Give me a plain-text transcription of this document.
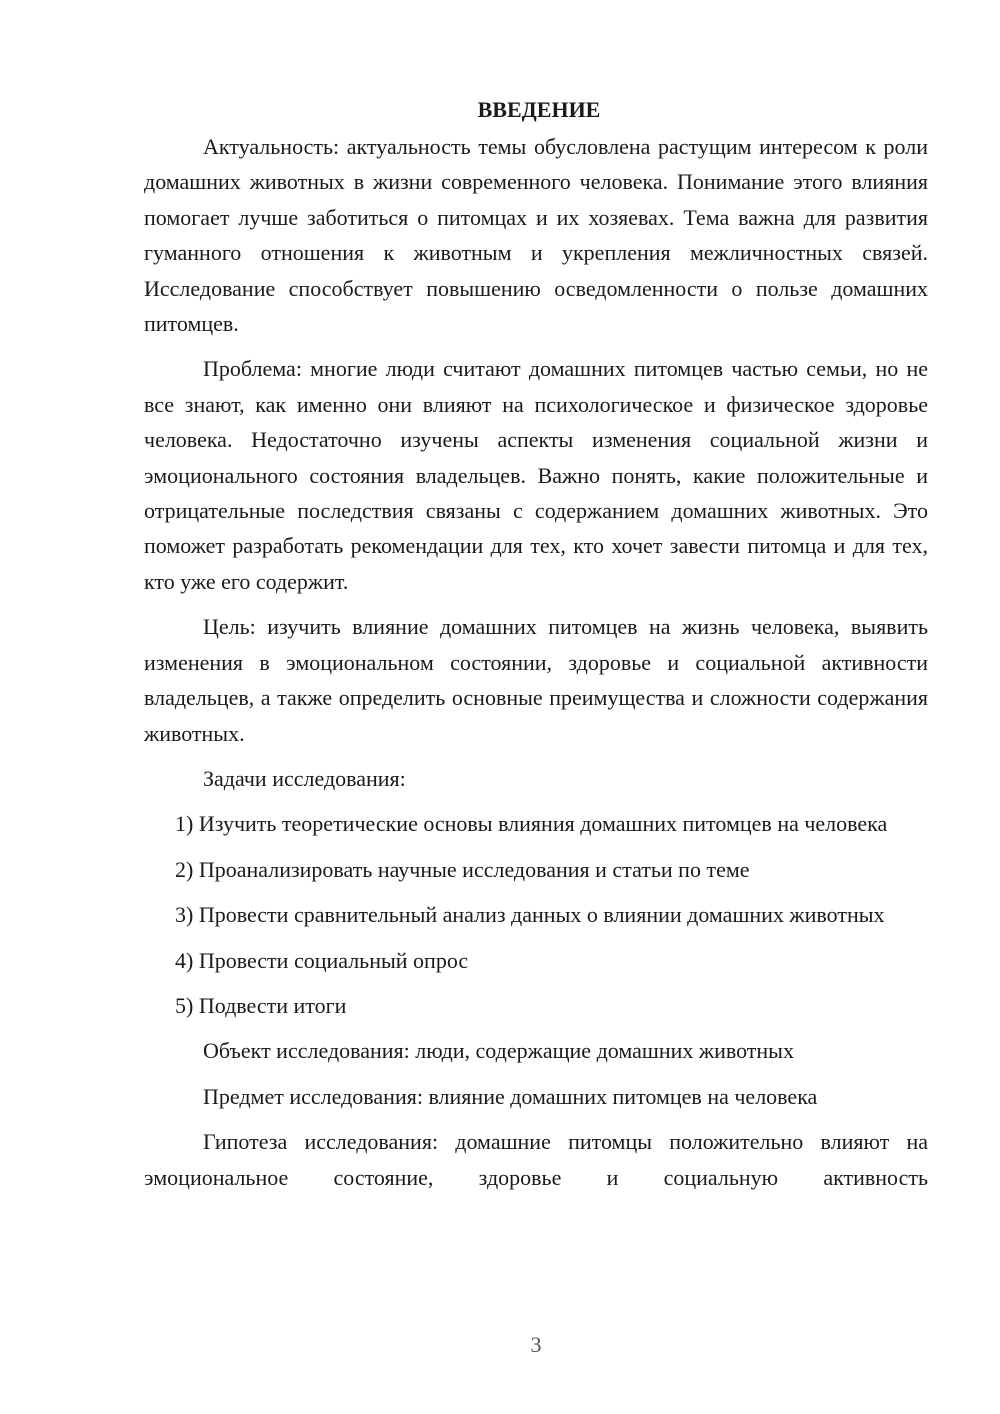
ВВЕДЕНИЕ

Актуальность: актуальность темы обусловлена растущим интересом к роли домашних животных в жизни современного человека. Понимание этого влияния помогает лучше заботиться о питомцах и их хозяевах. Тема важна для развития гуманного отношения к животным и укрепления межличностных связей. Исследование способствует повышению осведомленности о пользе домашних питомцев.

Проблема: многие люди считают домашних питомцев частью семьи, но не все знают, как именно они влияют на психологическое и физическое здоровье человека. Недостаточно изучены аспекты изменения социальной жизни и эмоционального состояния владельцев. Важно понять, какие положительные и отрицательные последствия связаны с содержанием домашних животных. Это поможет разработать рекомендации для тех, кто хочет завести питомца и для тех, кто уже его содержит.

Цель: изучить влияние домашних питомцев на жизнь человека, выявить изменения в эмоциональном состоянии, здоровье и социальной активности владельцев, а также определить основные преимущества и сложности содержания животных.

Задачи исследования:

1) Изучить теоретические основы влияния домашних питомцев на человека

2) Проанализировать научные исследования и статьи по теме

3) Провести сравнительный анализ данных о влиянии домашних животных

4) Провести социальный опрос

5) Подвести итоги

Объект исследования: люди, содержащие домашних животных

Предмет исследования: влияние домашних питомцев на человека

Гипотеза исследования: домашние питомцы положительно влияют на эмоциональное состояние, здоровье и социальную активность

3
